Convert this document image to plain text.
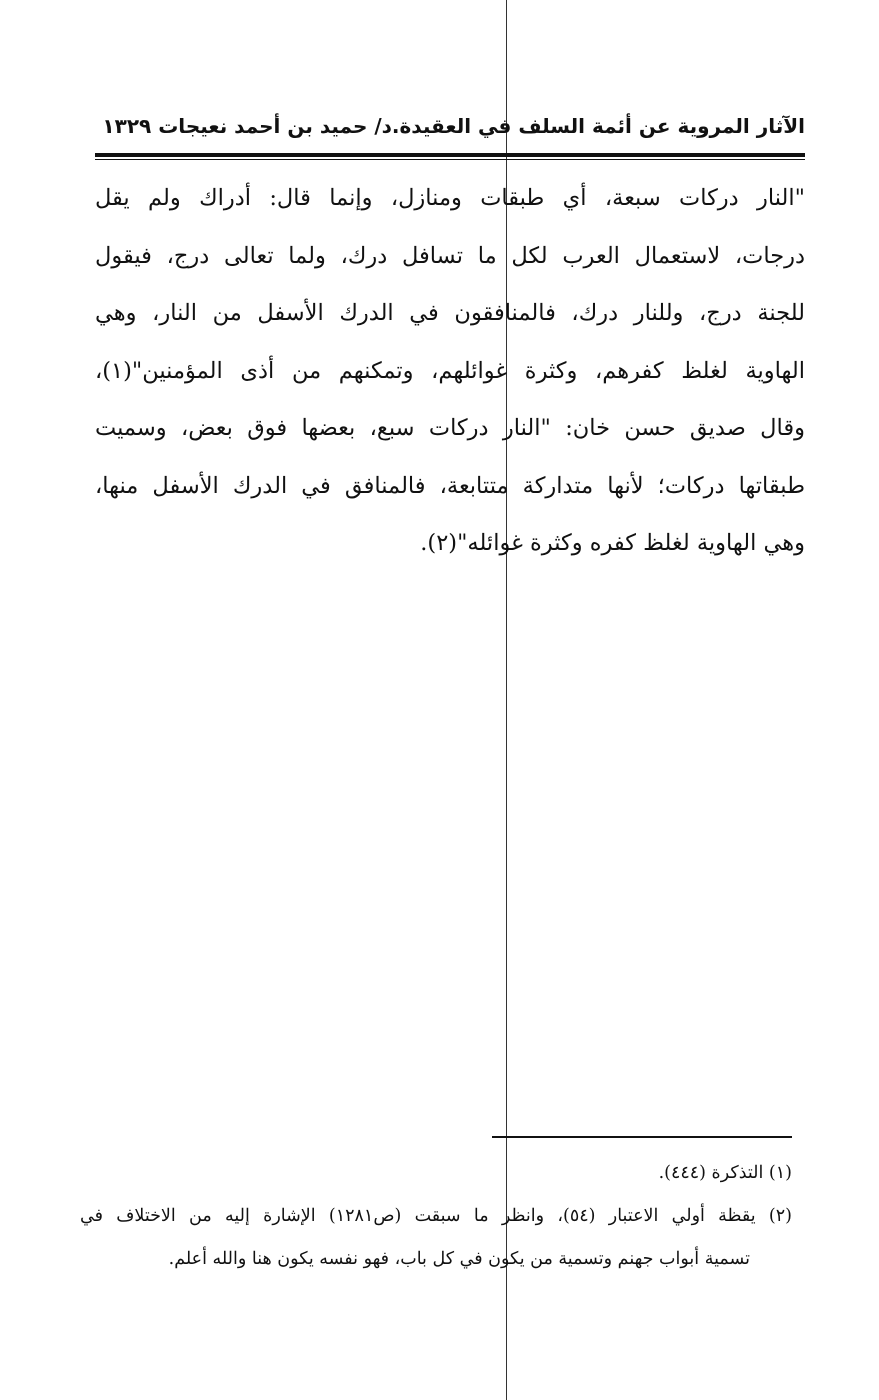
الآثار المروية عن أئمة السلف في العقيدة.د/ حميد بن أحمد نعيجات ١٣٢٩
"النار دركات سبعة، أي طبقات ومنازل، وإنما قال: أدراك ولم يقل
درجات، لاستعمال العرب لكل ما تسافل درك، ولما تعالى درج، فيقول
للجنة درج، وللنار درك، فالمنافقون في الدرك الأسفل من النار، وهي
الهاوية لغلظ كفرهم، وكثرة غوائلهم، وتمكنهم من أذى المؤمنين"(١)،
وقال صديق حسن خان: "النار دركات سبع، بعضها فوق بعض، وسميت
طبقاتها دركات؛ لأنها متداركة متتابعة، فالمنافق في الدرك الأسفل منها،
وهي الهاوية لغلظ كفره وكثرة غوائله"(٢).
(١) التذكرة (٤٤٤).
(٢) يقظة أولي الاعتبار (٥٤)، وانظر ما سبقت (ص١٢٨١) الإشارة إليه من الاختلاف في
تسمية أبواب جهنم وتسمية من يكون في كل باب، فهو نفسه يكون هنا والله أعلم.
